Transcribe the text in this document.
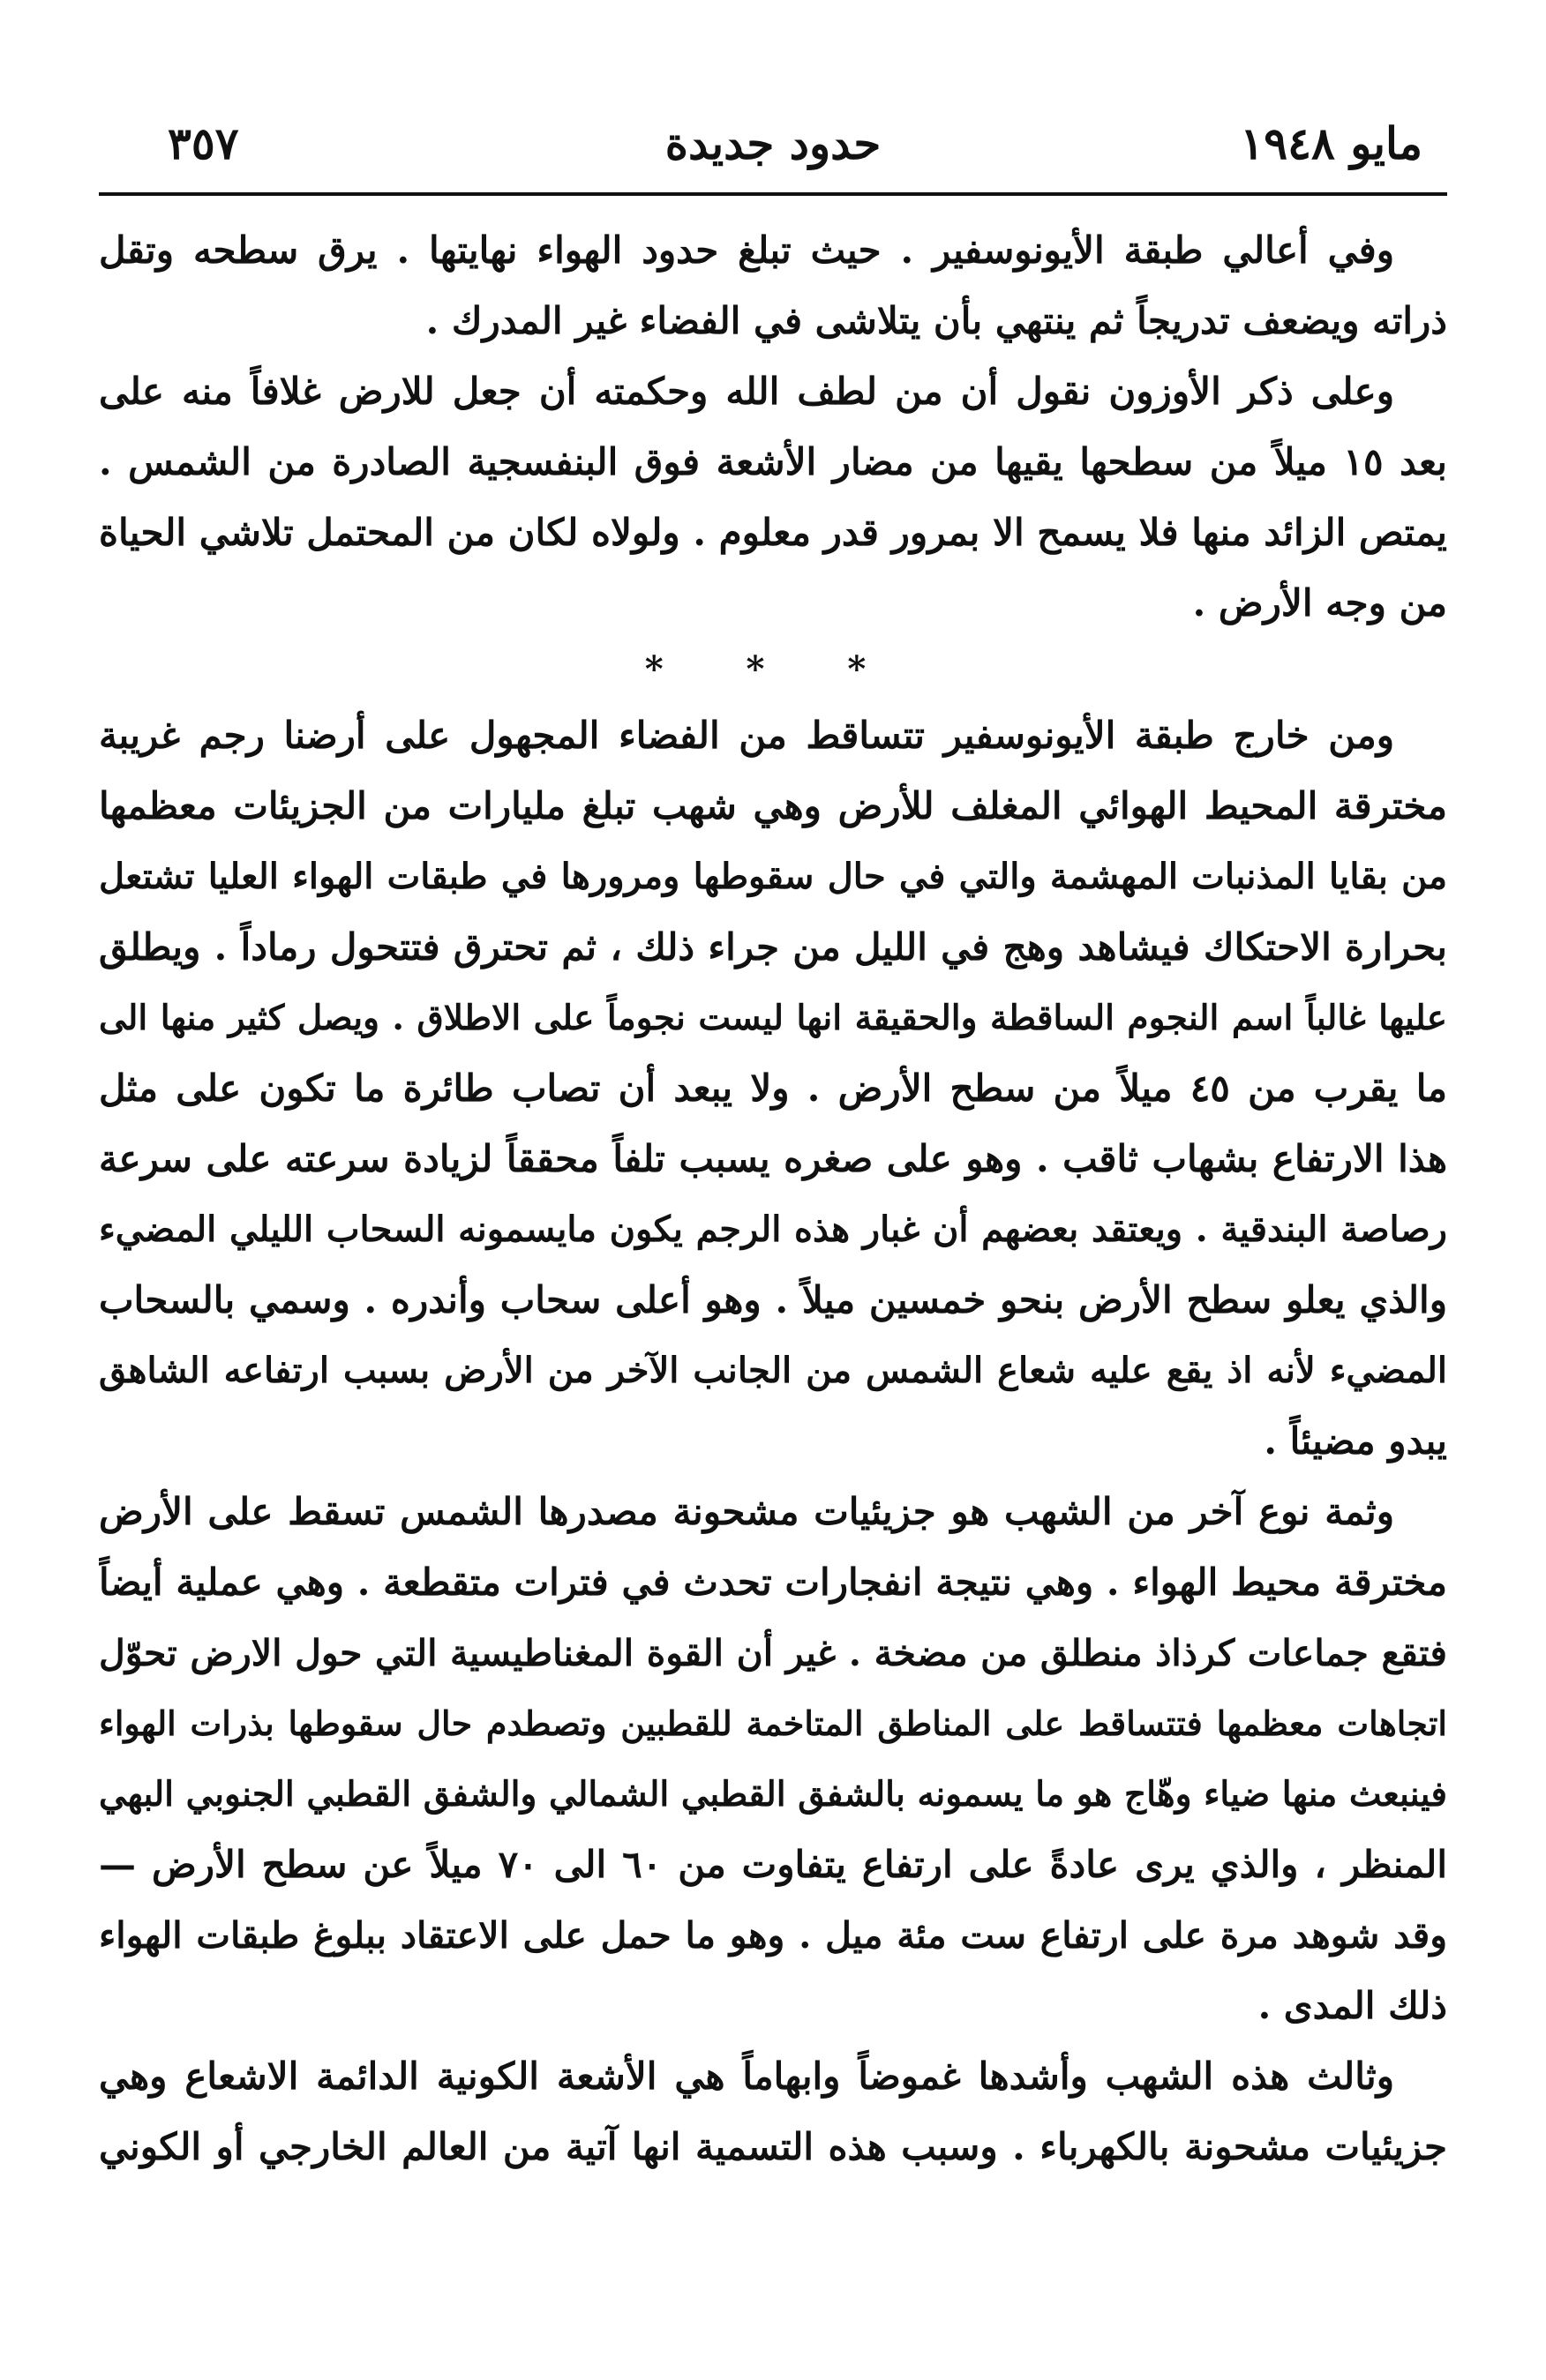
٣٥٧	حدود جديدة	مايو ١٩٤٨
وفي أعالي طبقة الأيونوسفير . حيث تبلغ حدود الهواء نهايتها . يرق سطحه وتقل
ذراته ويضعف تدريجاً ثم ينتهي بأن يتلاشى في الفضاء غير المدرك .
وعلى ذكر الأوزون نقول أن من لطف الله وحكمته أن جعل للارض غلافاً منه على
بعد ١٥ ميلاً من سطحها يقيها من مضار الأشعة فوق البنفسجية الصادرة من الشمس .
يمتص الزائد منها فلا يسمح الا بمرور قدر معلوم . ولولاه لكان من المحتمل تلاشي الحياة
من وجه الأرض .
* * *
ومن خارج طبقة الأيونوسفير تتساقط من الفضاء المجهول على أرضنا رجم غريبة
مخترقة المحيط الهوائي المغلف للأرض وهي شهب تبلغ مليارات من الجزيئات معظمها
من بقايا المذنبات المهشمة والتي في حال سقوطها ومرورها في طبقات الهواء العليا تشتعل
بحرارة الاحتكاك فيشاهد وهج في الليل من جراء ذلك ، ثم تحترق فتتحول رماداً . ويطلق
عليها غالباً اسم النجوم الساقطة والحقيقة انها ليست نجوماً على الاطلاق . ويصل كثير منها الى
ما يقرب من ٤٥ ميلاً من سطح الأرض . ولا يبعد أن تصاب طائرة ما تكون على مثل
هذا الارتفاع بشهاب ثاقب . وهو على صغره يسبب تلفاً محققاً لزيادة سرعته على سرعة
رصاصة البندقية . ويعتقد بعضهم أن غبار هذه الرجم يكون مايسمونه السحاب الليلي المضيء
والذي يعلو سطح الأرض بنحو خمسين ميلاً . وهو أعلى سحاب وأندره . وسمي بالسحاب
المضيء لأنه اذ يقع عليه شعاع الشمس من الجانب الآخر من الأرض بسبب ارتفاعه الشاهق
يبدو مضيئاً .
وثمة نوع آخر من الشهب هو جزيئيات مشحونة مصدرها الشمس تسقط على الأرض
مخترقة محيط الهواء . وهي نتيجة انفجارات تحدث في فترات متقطعة . وهي عملية أيضاً
فتقع جماعات كرذاذ منطلق من مضخة . غير أن القوة المغناطيسية التي حول الارض تحوّل
اتجاهات معظمها فتتساقط على المناطق المتاخمة للقطبين وتصطدم حال سقوطها بذرات الهواء
فينبعث منها ضياء وهّاج هو ما يسمونه بالشفق القطبي الشمالي والشفق القطبي الجنوبي البهي
المنظر ، والذي يرى عادةً على ارتفاع يتفاوت من ٦٠ الى ٧٠ ميلاً عن سطح الأرض —
وقد شوهد مرة على ارتفاع ست مئة ميل . وهو ما حمل على الاعتقاد ببلوغ طبقات الهواء
ذلك المدى .
وثالث هذه الشهب وأشدها غموضاً وابهاماً هي الأشعة الكونية الدائمة الاشعاع وهي
جزيئيات مشحونة بالكهرباء . وسبب هذه التسمية انها آتية من العالم الخارجي أو الكوني
